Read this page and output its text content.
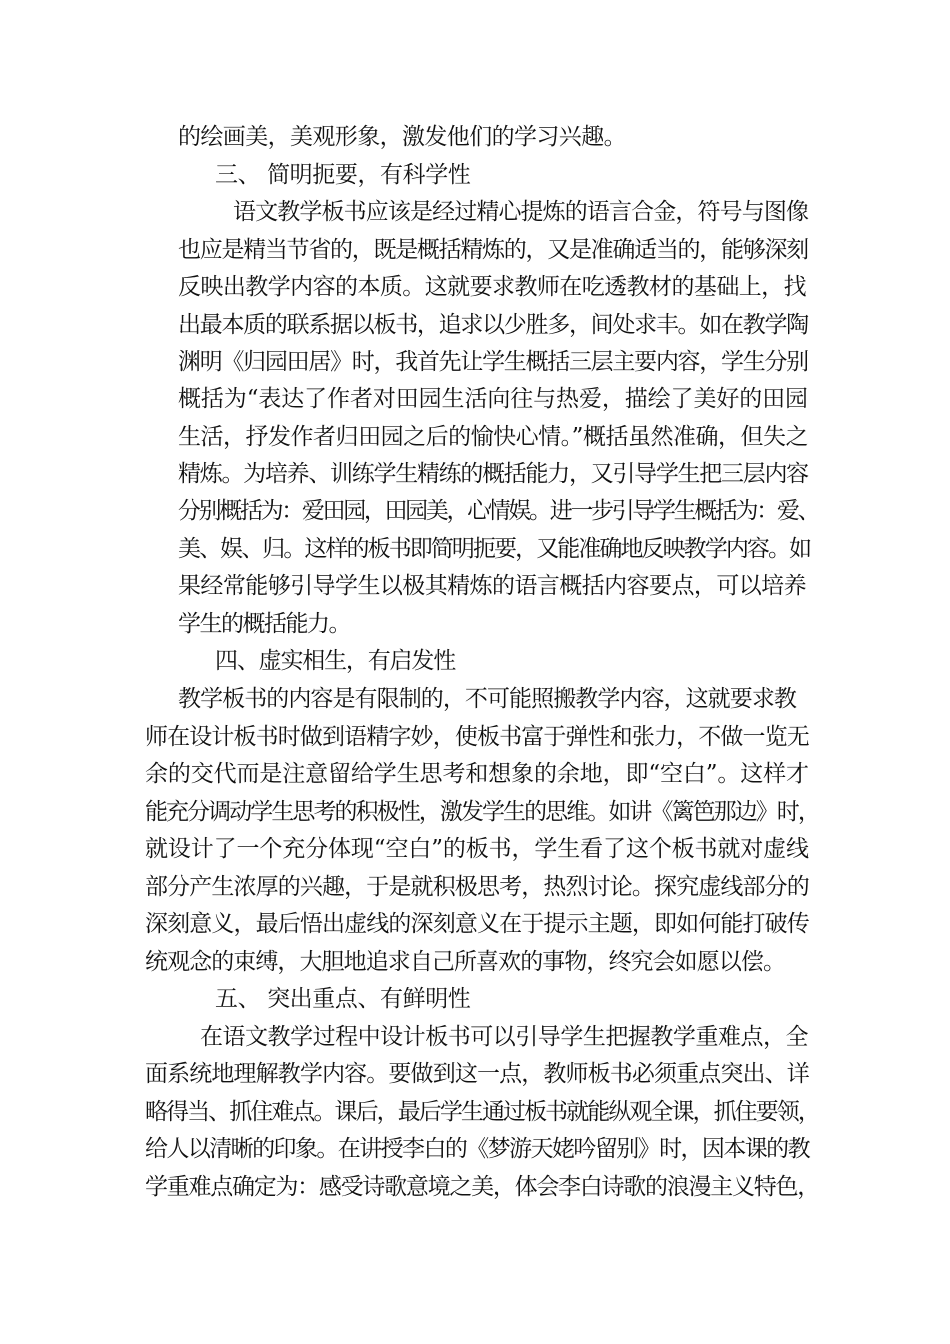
的绘画美，美观形象，激发他们的学习兴趣。

三、 简明扼要，有科学性

语文教学板书应该是经过精心提炼的语言合金，符号与图像

也应是精当节省的，既是概括精炼的，又是准确适当的，能够深刻

反映出教学内容的本质。这就要求教师在吃透教材的基础上，找

出最本质的联系据以板书，追求以少胜多，间处求丰。如在教学陶

渊明《归园田居》时，我首先让学生概括三层主要内容，学生分别

概括为“表达了作者对田园生活向往与热爱，描绘了美好的田园

生活，抒发作者归田园之后的愉快心情。”概括虽然准确，但失之

精炼。为培养、训练学生精练的概括能力，又引导学生把三层内容

分别概括为：爱田园，田园美，心情娱。进一步引导学生概括为：爱、

美、娱、归。这样的板书即简明扼要，又能准确地反映教学内容。如

果经常能够引导学生以极其精炼的语言概括内容要点，可以培养

学生的概括能力。

四、虚实相生，有启发性

教学板书的内容是有限制的，不可能照搬教学内容，这就要求教

师在设计板书时做到语精字妙，使板书富于弹性和张力，不做一览无

余的交代而是注意留给学生思考和想象的余地，即“空白”。这样才

能充分调动学生思考的积极性，激发学生的思维。如讲《篱笆那边》时，

就设计了一个充分体现“空白”的板书，学生看了这个板书就对虚线

部分产生浓厚的兴趣，于是就积极思考，热烈讨论。探究虚线部分的

深刻意义，最后悟出虚线的深刻意义在于提示主题，即如何能打破传

统观念的束缚，大胆地追求自己所喜欢的事物，终究会如愿以偿。

五、 突出重点、有鲜明性

在语文教学过程中设计板书可以引导学生把握教学重难点，全

面系统地理解教学内容。要做到这一点，教师板书必须重点突出、详

略得当、抓住难点。课后，最后学生通过板书就能纵观全课，抓住要领，

给人以清晰的印象。在讲授李白的《梦游天姥吟留别》时，因本课的教

学重难点确定为：感受诗歌意境之美，体会李白诗歌的浪漫主义特色，
